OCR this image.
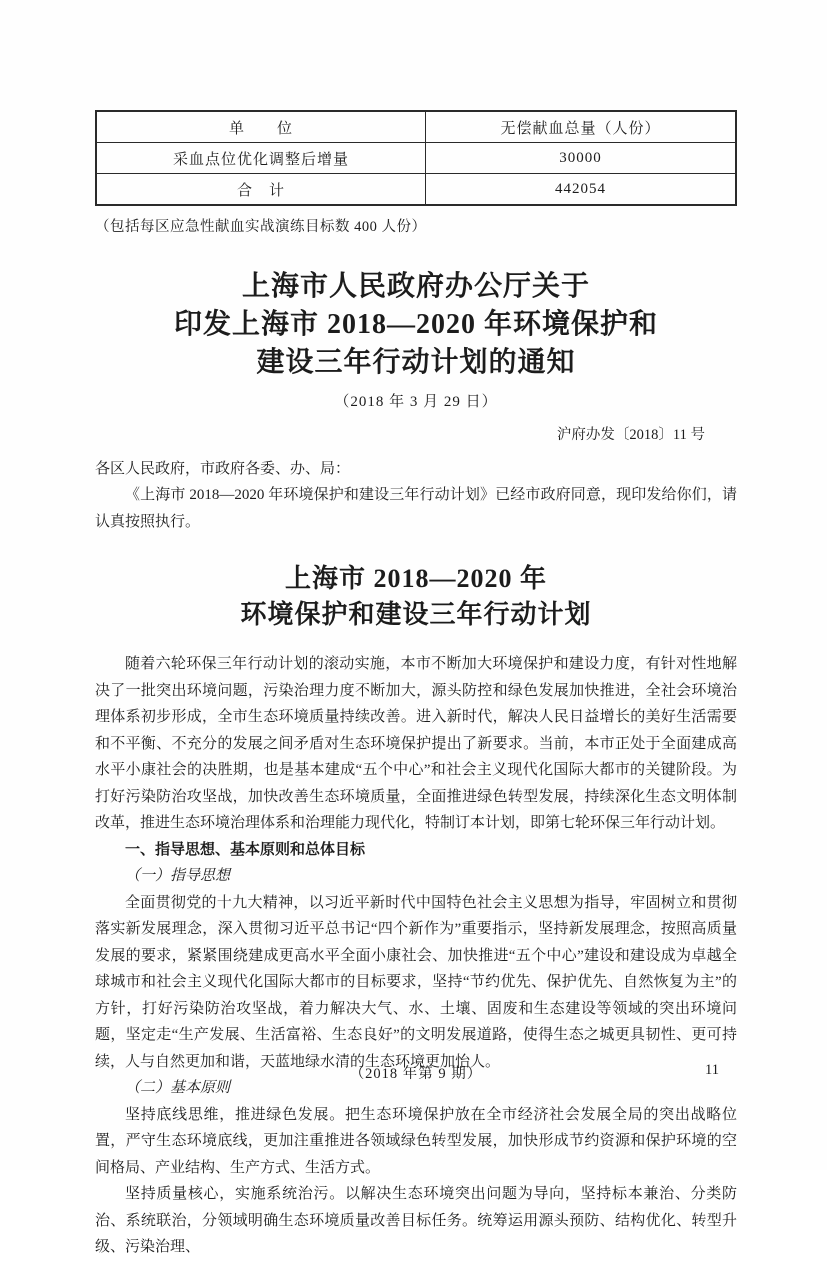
单　　位	无偿献血总量（人份）
采血点位优化调整后增量	30000
合　计	442054
（包括每区应急性献血实战演练目标数 400 人份）
上海市人民政府办公厅关于
印发上海市 2018—2020 年环境保护和
建设三年行动计划的通知
（2018 年 3 月 29 日）
沪府办发〔2018〕11 号
各区人民政府，市政府各委、办、局：

《上海市 2018—2020 年环境保护和建设三年行动计划》已经市政府同意，现印发给你们，请认真按照执行。

上海市 2018—2020 年
环境保护和建设三年行动计划

随着六轮环保三年行动计划的滚动实施，本市不断加大环境保护和建设力度，有针对性地解决了一批突出环境问题，污染治理力度不断加大，源头防控和绿色发展加快推进，全社会环境治理体系初步形成，全市生态环境质量持续改善。进入新时代，解决人民日益增长的美好生活需要和不平衡、不充分的发展之间矛盾对生态环境保护提出了新要求。当前，本市正处于全面建成高水平小康社会的决胜期，也是基本建成“五个中心”和社会主义现代化国际大都市的关键阶段。为打好污染防治攻坚战，加快改善生态环境质量，全面推进绿色转型发展，持续深化生态文明体制改革，推进生态环境治理体系和治理能力现代化，特制订本计划，即第七轮环保三年行动计划。

一、指导思想、基本原则和总体目标

（一）指导思想

全面贯彻党的十九大精神，以习近平新时代中国特色社会主义思想为指导，牢固树立和贯彻落实新发展理念，深入贯彻习近平总书记“四个新作为”重要指示，坚持新发展理念，按照高质量发展的要求，紧紧围绕建成更高水平全面小康社会、加快推进“五个中心”建设和建设成为卓越全球城市和社会主义现代化国际大都市的目标要求，坚持“节约优先、保护优先、自然恢复为主”的方针，打好污染防治攻坚战，着力解决大气、水、土壤、固废和生态建设等领域的突出环境问题，坚定走“生产发展、生活富裕、生态良好”的文明发展道路，使得生态之城更具韧性、更可持续，人与自然更加和谐，天蓝地绿水清的生态环境更加怡人。

（二）基本原则

坚持底线思维，推进绿色发展。把生态环境保护放在全市经济社会发展全局的突出战略位置，严守生态环境底线，更加注重推进各领域绿色转型发展，加快形成节约资源和保护环境的空间格局、产业结构、生产方式、生活方式。

坚持质量核心，实施系统治污。以解决生态环境突出问题为导向，坚持标本兼治、分类防治、系统联治，分领域明确生态环境质量改善目标任务。统筹运用源头预防、结构优化、转型升级、污染治理、

（2018 年第 9 期）	11
